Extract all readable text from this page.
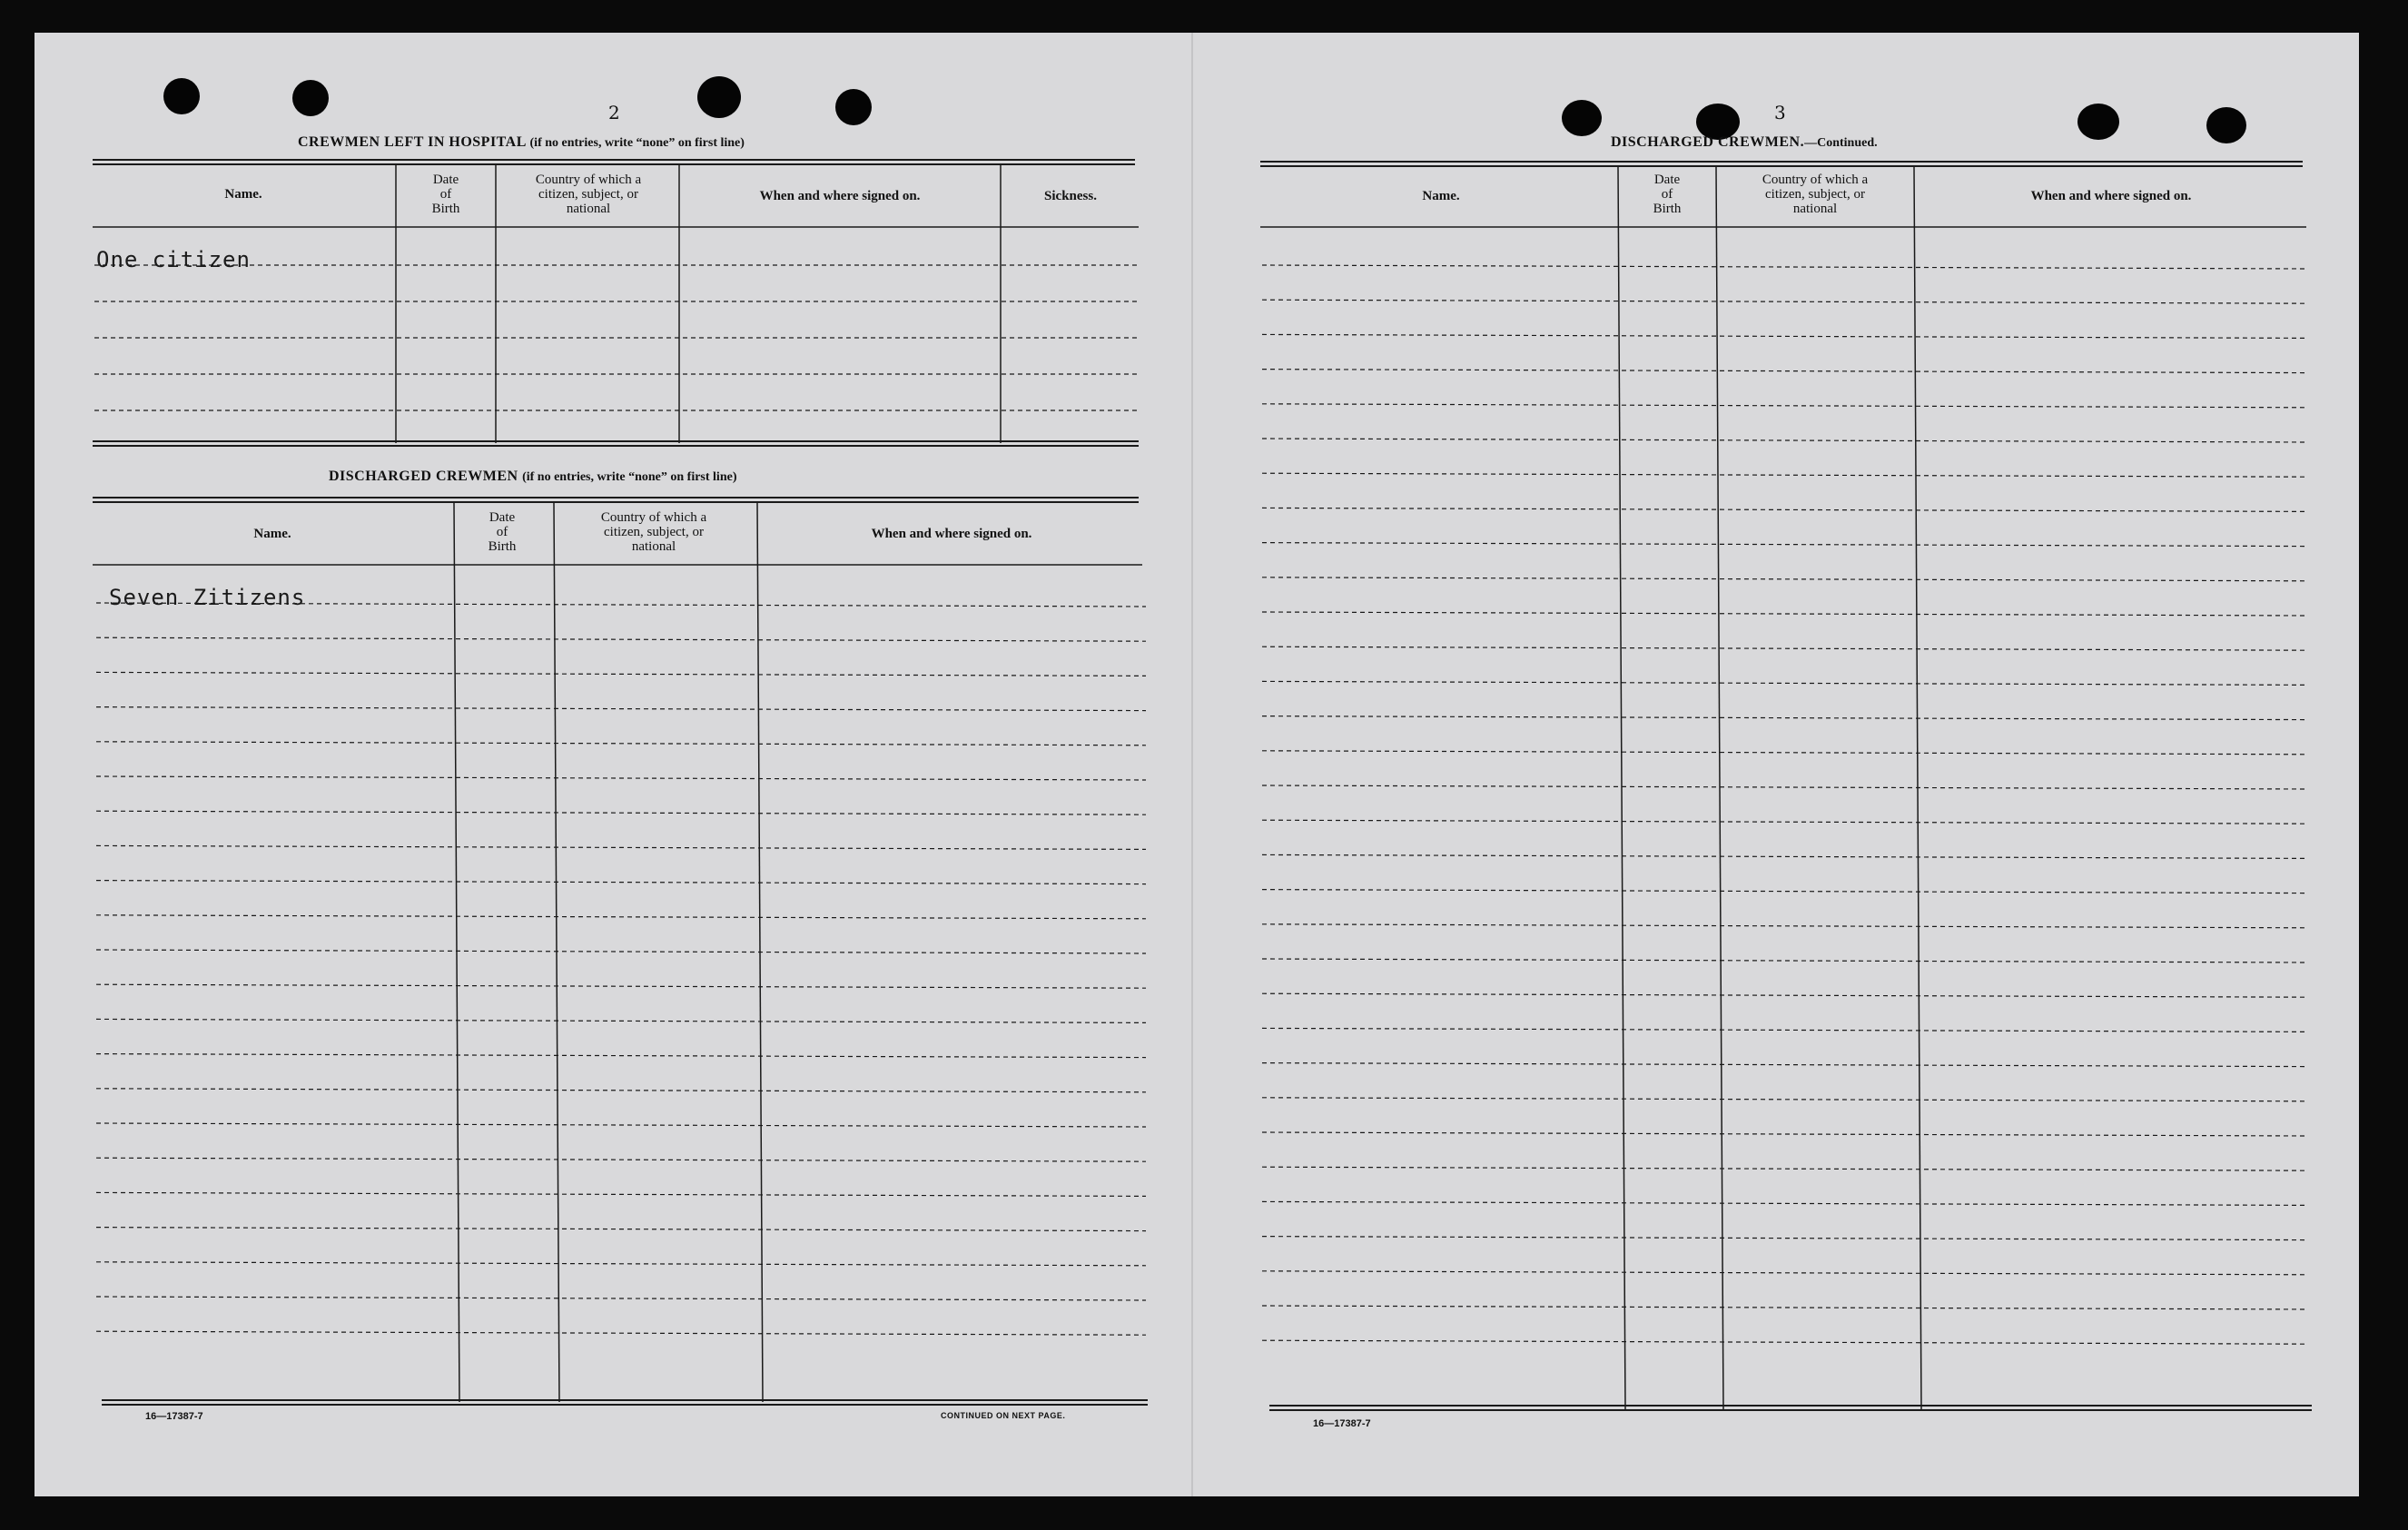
2
CREWMEN LEFT IN HOSPITAL (if no entries, write “none” on first line)
Name.
Date
of
Birth
Country of which a
citizen, subject, or
national
When and where signed on.	Sickness.
One citizen
DISCHARGED CREWMEN (if no entries, write “none” on first line)
Name.
Date
of
Birth
Country of which a
citizen, subject, or
national
When and where signed on.
Seven Zitizens
16—17387-7	CONTINUED ON NEXT PAGE.
3
DISCHARGED CREWMEN.—Continued.
Name.
Date
of
Birth
Country of which a
citizen, subject, or
national
When and where signed on.
16—17387-7
